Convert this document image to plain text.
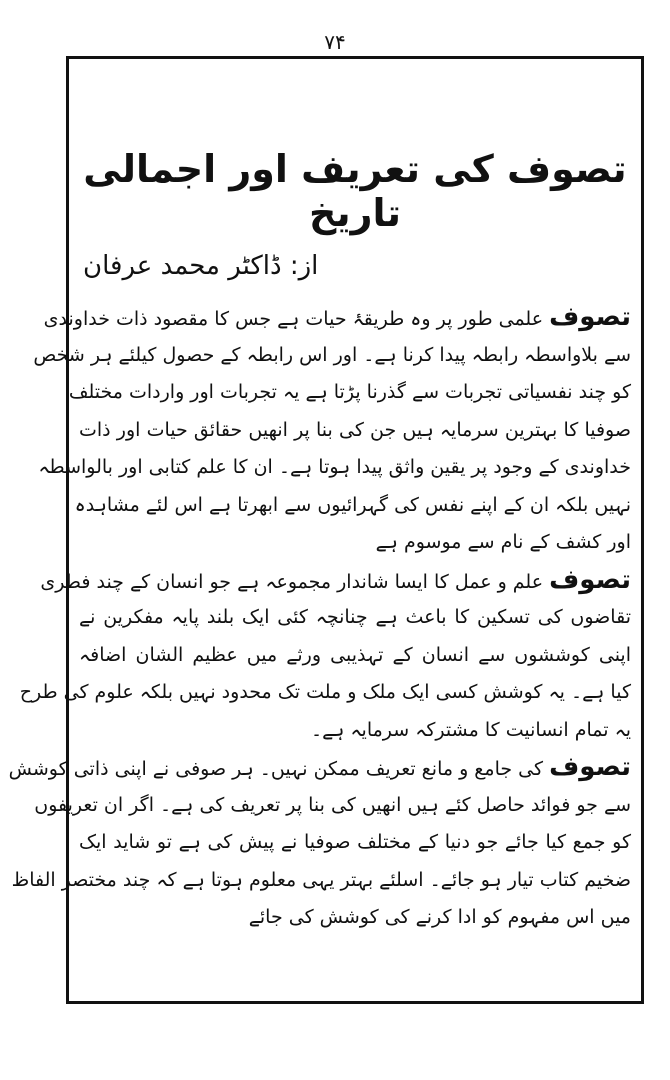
۷۴
تصوف کی تعریف اور اجمالی تاریخ
از: ڈاکٹر محمد عرفان
تصوف علمی طور پر وہ طریقۂ حیات ہے جس کا مقصود ذات خداوندی
سے بلاواسطہ رابطہ پیدا کرنا ہے۔ اور اس رابطہ کے حصول کیلئے ہر شخص
کو چند نفسیاتی تجربات سے گذرنا پڑتا ہے یہ تجربات اور واردات مختلف
صوفیا کا بہترین سرمایہ ہیں جن کی بنا پر انھیں حقائق حیات اور ذات
خداوندی کے وجود پر یقین واثق پیدا ہوتا ہے۔ ان کا علم کتابی اور بالواسطہ
نہیں بلکہ ان کے اپنے نفس کی گہرائیوں سے ابھرتا ہے اس لئے مشاہدہ
اور کشف کے نام سے موسوم ہے
تصوف علم و عمل کا ایسا شاندار مجموعہ ہے جو انسان کے چند فطری
تقاضوں کی تسکین کا باعث ہے چنانچہ کئی ایک بلند پایہ مفکرین نے
اپنی کوششوں سے انسان کے تہذیبی ورثے میں عظیم الشان اضافہ
کیا ہے۔ یہ کوشش کسی ایک ملک و ملت تک محدود نہیں بلکہ علوم کی طرح
یہ تمام انسانیت کا مشترکہ سرمایہ ہے۔
تصوف کی جامع و مانع تعریف ممکن نہیں۔ ہر صوفی نے اپنی ذاتی کوشش
سے جو فوائد حاصل کئے ہیں انھیں کی بنا پر تعریف کی ہے۔ اگر ان تعریفوں
کو جمع کیا جائے جو دنیا کے مختلف صوفیا نے پیش کی ہے تو شاید ایک
ضخیم کتاب تیار ہو جائے۔ اسلئے بہتر یہی معلوم ہوتا ہے کہ چند مختصر الفاظ
میں اس مفہوم کو ادا کرنے کی کوشش کی جائے
